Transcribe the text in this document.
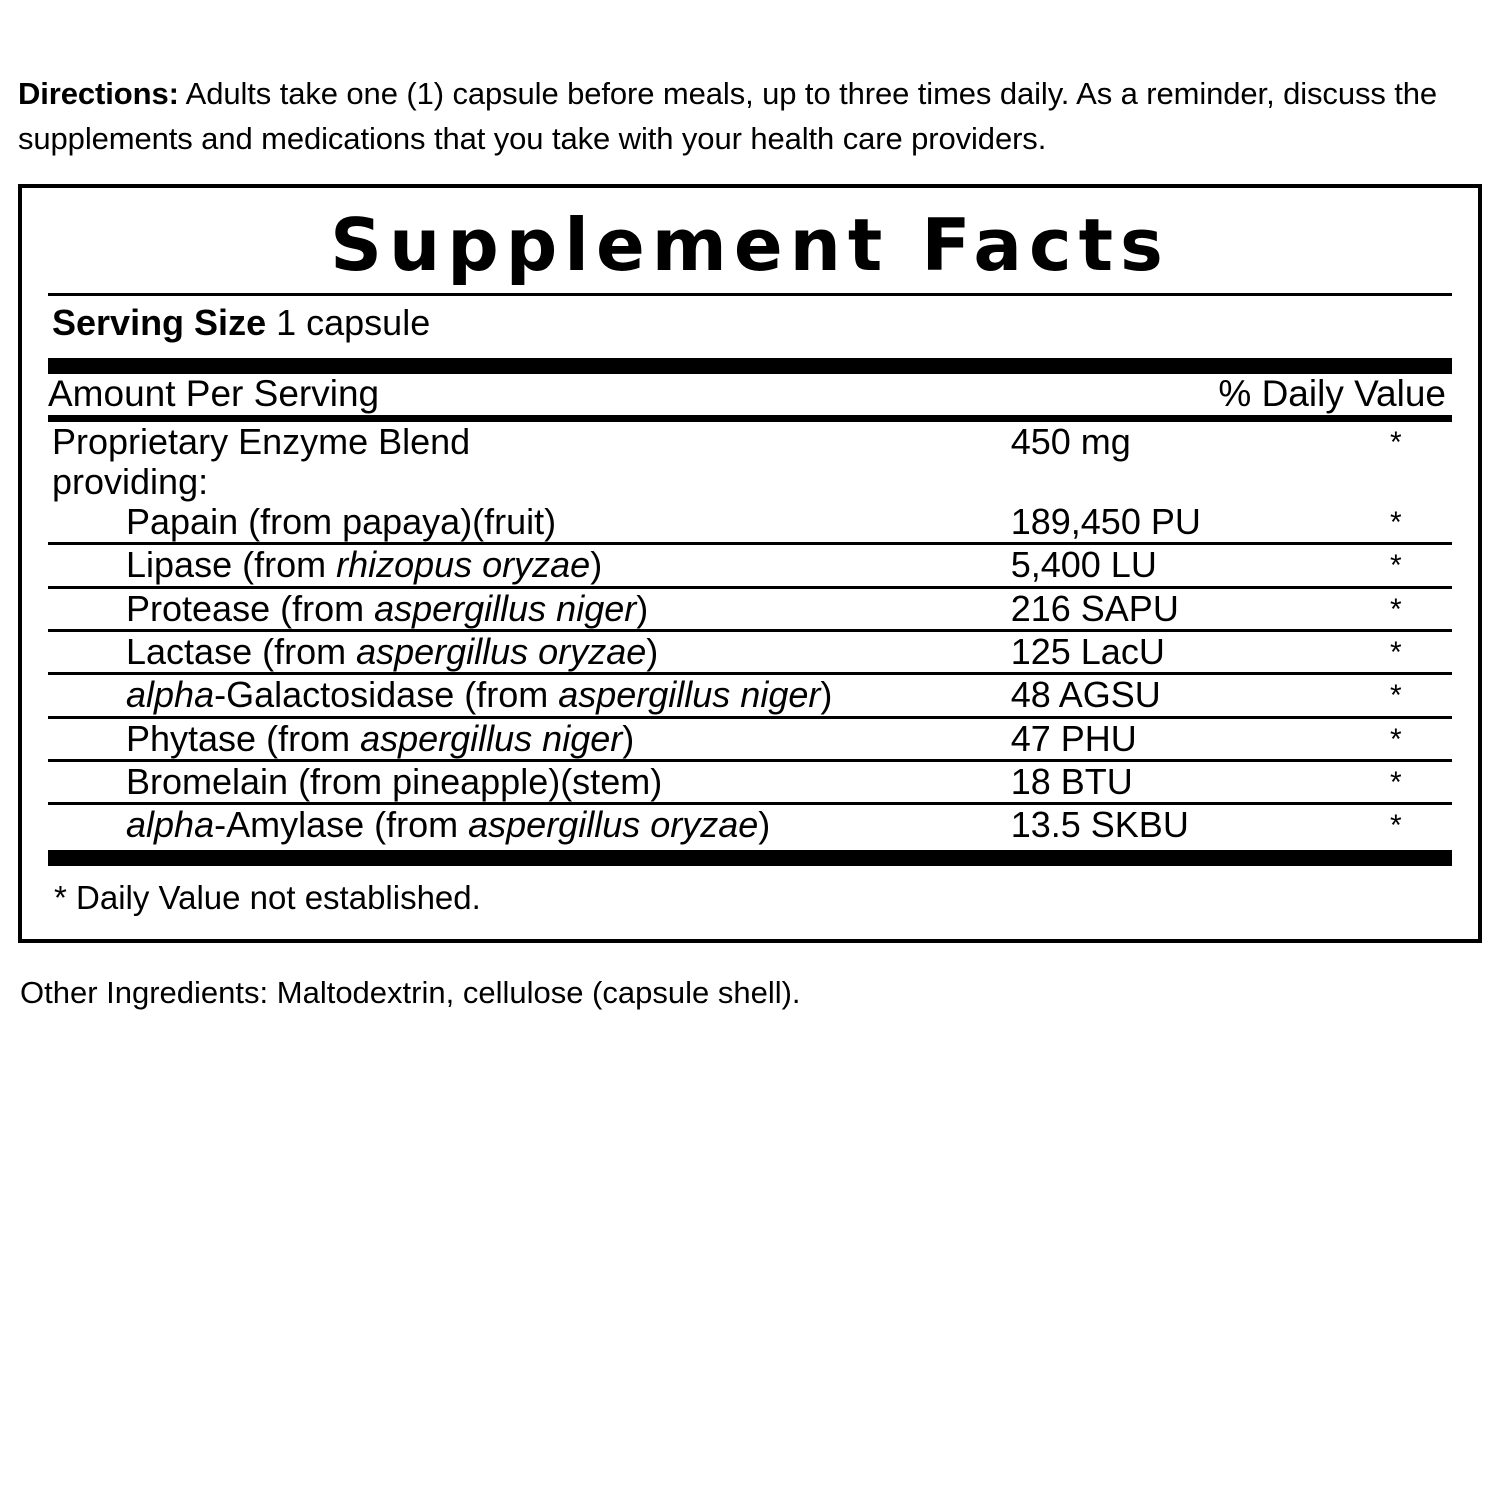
Directions: Adults take one (1) capsule before meals, up to three times daily. As a reminder, discuss the supplements and medications that you take with your health care providers.
Supplement Facts
Serving Size 1 capsule
Amount Per Serving	% Daily Value
Proprietary Enzyme Blend	450 mg	*
providing:		
Papain (from papaya)(fruit)	189,450 PU	*
Lipase (from rhizopus oryzae)	5,400 LU	*
Protease (from aspergillus niger)	216 SAPU	*
Lactase (from aspergillus oryzae)	125 LacU	*
alpha-Galactosidase (from aspergillus niger)	48 AGSU	*
Phytase (from aspergillus niger)	47 PHU	*
Bromelain (from pineapple)(stem)	18 BTU	*
alpha-Amylase (from aspergillus oryzae)	13.5 SKBU	*
* Daily Value not established.
Other Ingredients: Maltodextrin, cellulose (capsule shell).
